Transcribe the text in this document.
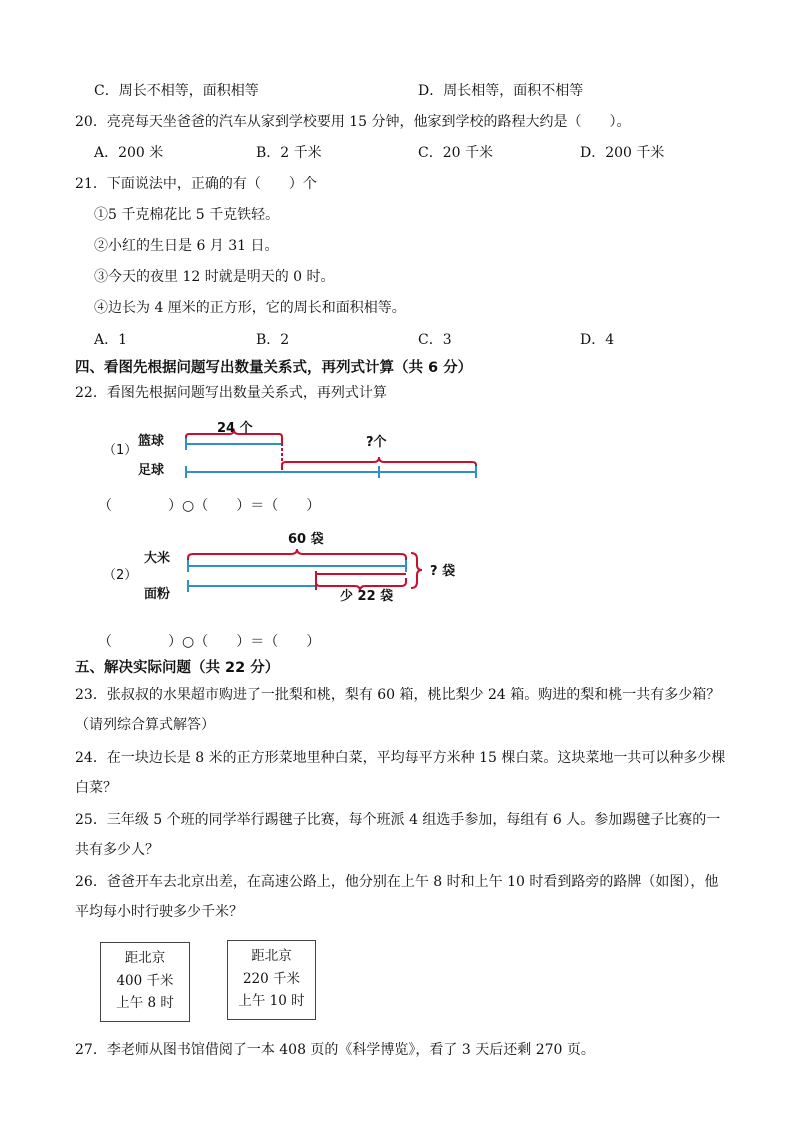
C．周长不相等，面积相等	D．周长相等，面积不相等
20．亮亮每天坐爸爸的汽车从家到学校要用 15 分钟，他家到学校的路程大约是（　　）。
A．200 米	B．2 千米	C．20 千米	D．200 千米
21．下面说法中，正确的有（　　）个
①5 千克棉花比 5 千克铁轻。
②小红的生日是 6 月 31 日。
③今天的夜里 12 时就是明天的 0 时。
④边长为 4 厘米的正方形，它的周长和面积相等。
A．1	B．2	C．3	D．4
四、看图先根据问题写出数量关系式，再列式计算（共 6 分）
22．看图先根据问题写出数量关系式，再列式计算
（1）
篮球
足球
24 个
?个
（2）
大米
面粉
60 袋
少 22 袋
? 袋
（　　　　）○（　　）＝（　　）
（　　　　）○（　　）＝（　　）
五、解决实际问题（共 22 分）
23．张叔叔的水果超市购进了一批梨和桃，梨有 60 箱，桃比梨少 24 箱。购进的梨和桃一共有多少箱？
（请列综合算式解答）
24．在一块边长是 8 米的正方形菜地里种白菜，平均每平方米种 15 棵白菜。这块菜地一共可以种多少棵
白菜？
25．三年级 5 个班的同学举行踢毽子比赛，每个班派 4 组选手参加，每组有 6 人。参加踢毽子比赛的一
共有多少人？
26．爸爸开车去北京出差，在高速公路上，他分别在上午 8 时和上午 10 时看到路旁的路牌（如图），他
平均每小时行驶多少千米？
距北京
400 千米
上午 8 时
距北京
220 千米
上午 10 时
27．李老师从图书馆借阅了一本 408 页的《科学博览》，看了 3 天后还剩 270 页。
